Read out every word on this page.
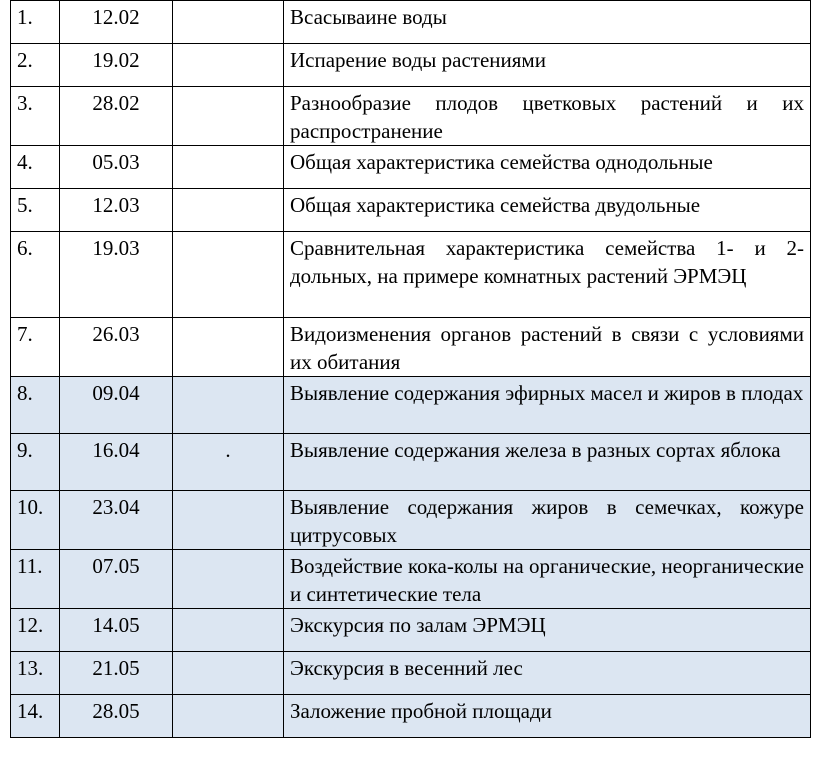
1.	12.02		Всасываине воды
2.	19.02		Испарение воды растениями
3.	28.02		Разнообразие плодов цветковых растений и их распространение
4.	05.03		Общая характеристика семейства однодольные
5.	12.03		Общая характеристика семейства двудольные
6.	19.03		Сравнительная характеристика семейства 1- и 2-дольных, на примере комнатных растений ЭРМЭЦ
7.	26.03		Видоизменения органов растений в связи с условиями их обитания
8.	09.04		Выявление содержания эфирных масел и жиров в плодах
9.	16.04	.	Выявление содержания железа в разных сортах яблока
10.	23.04		Выявление содержания жиров в семечках, кожуре цитрусовых
11.	07.05		Воздействие кока-колы на органические, неорганические и синтетические тела
12.	14.05		Экскурсия по залам ЭРМЭЦ
13.	21.05		Экскурсия в весенний лес
14.	28.05		Заложение пробной площади
